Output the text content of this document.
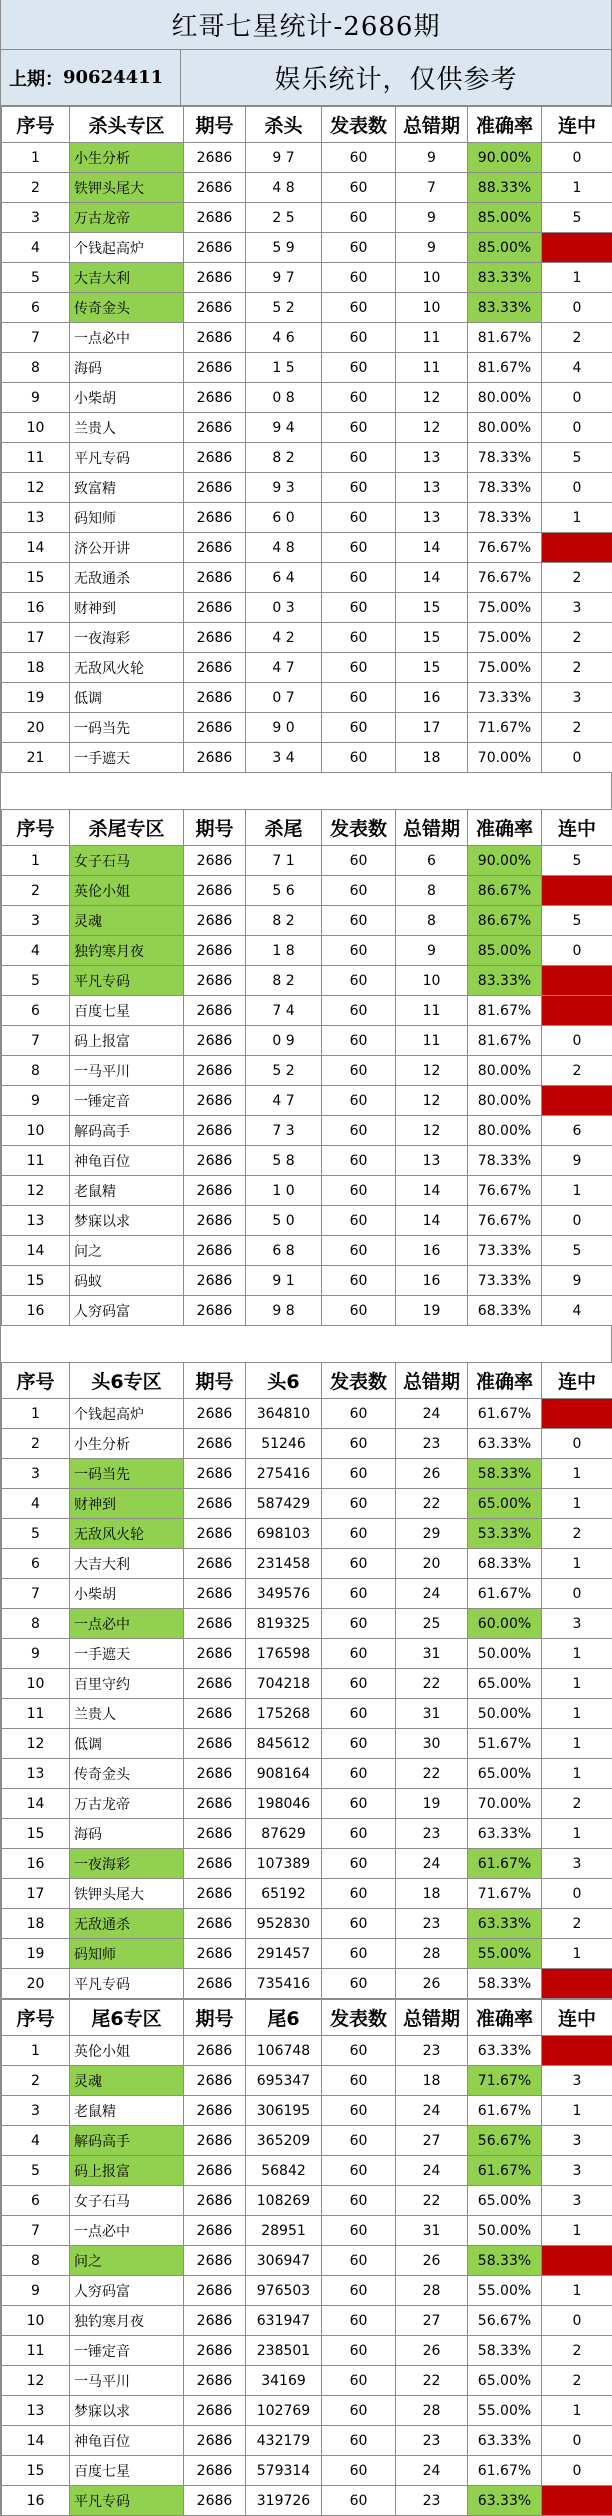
红哥七星统计-2686期
上期： 90624411	娱乐统计，仅供参考
序号	杀头专区	期号	杀头	发表数	总错期	准确率	连中
1	小生分析	2686	9 7	60	9	90.00%	0
2	铁钾头尾大	2686	4 8	60	7	88.33%	1
3	万古龙帝	2686	2 5	60	9	85.00%	5
4	个钱起高炉	2686	5 9	60	9	85.00%	10
5	大吉大利	2686	9 7	60	10	83.33%	1
6	传奇金头	2686	5 2	60	10	83.33%	0
7	一点必中	2686	4 6	60	11	81.67%	2
8	海码	2686	1 5	60	11	81.67%	4
9	小柴胡	2686	0 8	60	12	80.00%	0
10	兰贵人	2686	9 4	60	12	80.00%	0
11	平凡专码	2686	8 2	60	13	78.33%	5
12	致富精	2686	9 3	60	13	78.33%	0
13	码知师	2686	6 0	60	13	78.33%	1
14	济公开讲	2686	4 8	60	14	76.67%	7
15	无敌通杀	2686	6 4	60	14	76.67%	2
16	财神到	2686	0 3	60	15	75.00%	3
17	一夜海彩	2686	4 2	60	15	75.00%	2
18	无敌风火轮	2686	4 7	60	15	75.00%	2
19	低调	2686	0 7	60	16	73.33%	3
20	一码当先	2686	9 0	60	17	71.67%	2
21	一手遮天	2686	3 4	60	18	70.00%	0
序号	杀尾专区	期号	杀尾	发表数	总错期	准确率	连中
1	女子石马	2686	7 1	60	6	90.00%	5
2	英伦小姐	2686	5 6	60	8	86.67%	11
3	灵魂	2686	8 2	60	8	86.67%	5
4	独钓寒月夜	2686	1 8	60	9	85.00%	0
5	平凡专码	2686	8 2	60	10	83.33%	11
6	百度七星	2686	7 4	60	11	81.67%	14
7	码上报富	2686	0 9	60	11	81.67%	0
8	一马平川	2686	5 2	60	12	80.00%	2
9	一锤定音	2686	4 7	60	12	80.00%	13
10	解码高手	2686	7 3	60	12	80.00%	6
11	神龟百位	2686	5 8	60	13	78.33%	9
12	老鼠精	2686	1 0	60	14	76.67%	1
13	梦寐以求	2686	5 0	60	14	76.67%	0
14	问之	2686	6 8	60	16	73.33%	5
15	码蚁	2686	9 1	60	16	73.33%	9
16	人穷码富	2686	9 8	60	19	68.33%	4
序号	头6专区	期号	头6	发表数	总错期	准确率	连中
1	个钱起高炉	2686	364810	60	24	61.67%	4
2	小生分析	2686	51246	60	23	63.33%	0
3	一码当先	2686	275416	60	26	58.33%	1
4	财神到	2686	587429	60	22	65.00%	1
5	无敌风火轮	2686	698103	60	29	53.33%	2
6	大吉大利	2686	231458	60	20	68.33%	1
7	小柴胡	2686	349576	60	24	61.67%	0
8	一点必中	2686	819325	60	25	60.00%	3
9	一手遮天	2686	176598	60	31	50.00%	1
10	百里守约	2686	704218	60	22	65.00%	1
11	兰贵人	2686	175268	60	31	50.00%	1
12	低调	2686	845612	60	30	51.67%	1
13	传奇金头	2686	908164	60	22	65.00%	1
14	万古龙帝	2686	198046	60	19	70.00%	2
15	海码	2686	87629	60	23	63.33%	1
16	一夜海彩	2686	107389	60	24	61.67%	3
17	铁钾头尾大	2686	65192	60	18	71.67%	0
18	无敌通杀	2686	952830	60	23	63.33%	2
19	码知师	2686	291457	60	28	55.00%	1
20	平凡专码	2686	735416	60	26	58.33%	5
序号	尾6专区	期号	尾6	发表数	总错期	准确率	连中
1	英伦小姐	2686	106748	60	23	63.33%	5
2	灵魂	2686	695347	60	18	71.67%	3
3	老鼠精	2686	306195	60	24	61.67%	1
4	解码高手	2686	365209	60	27	56.67%	3
5	码上报富	2686	56842	60	24	61.67%	3
6	女子石马	2686	108269	60	22	65.00%	3
7	一点必中	2686	28951	60	31	50.00%	1
8	问之	2686	306947	60	26	58.33%	4
9	人穷码富	2686	976503	60	28	55.00%	1
10	独钓寒月夜	2686	631947	60	27	56.67%	0
11	一锤定音	2686	238501	60	26	58.33%	2
12	一马平川	2686	34169	60	22	65.00%	2
13	梦寐以求	2686	102769	60	28	55.00%	1
14	神龟百位	2686	432179	60	23	63.33%	0
15	百度七星	2686	579314	60	24	61.67%	0
16	平凡专码	2686	319726	60	23	63.33%	4
